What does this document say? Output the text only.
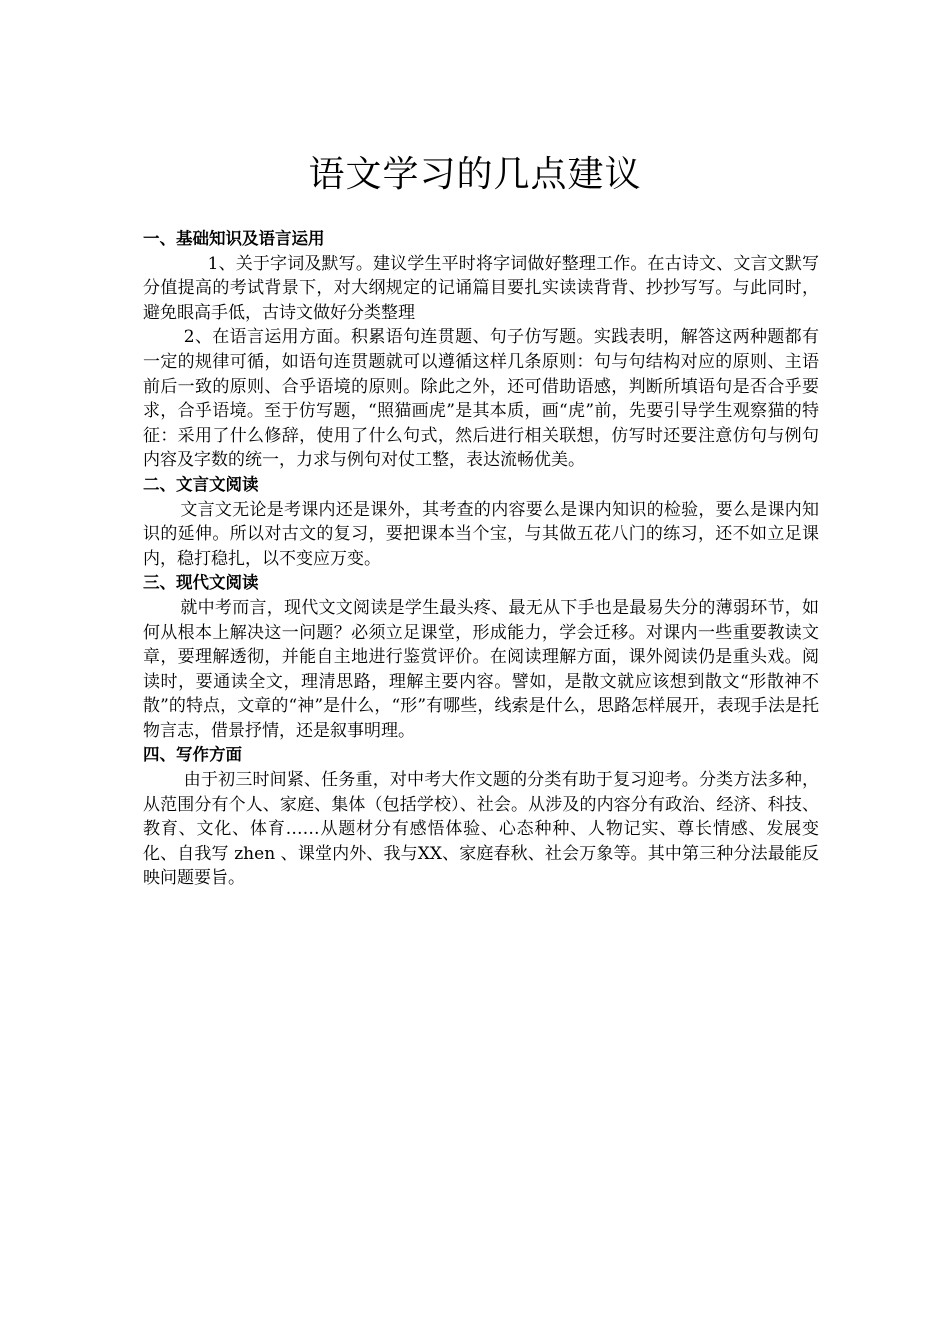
语文学习的几点建议
一、基础知识及语言运用

1、关于字词及默写。建议学生平时将字词做好整理工作。在古诗文、文言文默写分值提高的考试背景下，对大纲规定的记诵篇目要扎实读读背背、抄抄写写。与此同时，避免眼高手低，古诗文做好分类整理

2、在语言运用方面。积累语句连贯题、句子仿写题。实践表明，解答这两种题都有一定的规律可循，如语句连贯题就可以遵循这样几条原则：句与句结构对应的原则、主语前后一致的原则、合乎语境的原则。除此之外，还可借助语感，判断所填语句是否合乎要求，合乎语境。至于仿写题，“照猫画虎”是其本质，画“虎”前，先要引导学生观察猫的特征：采用了什么修辞，使用了什么句式，然后进行相关联想，仿写时还要注意仿句与例句内容及字数的统一，力求与例句对仗工整，表达流畅优美。

二、文言文阅读

文言文无论是考课内还是课外，其考查的内容要么是课内知识的检验，要么是课内知识的延伸。所以对古文的复习，要把课本当个宝，与其做五花八门的练习，还不如立足课内，稳打稳扎，以不变应万变。

三、现代文阅读

就中考而言，现代文文阅读是学生最头疼、最无从下手也是最易失分的薄弱环节，如何从根本上解决这一问题？必须立足课堂，形成能力，学会迁移。对课内一些重要教读文章，要理解透彻，并能自主地进行鉴赏评价。在阅读理解方面，课外阅读仍是重头戏。阅读时，要通读全文，理清思路，理解主要内容。譬如，是散文就应该想到散文“形散神不散”的特点，文章的“神”是什么，“形”有哪些，线索是什么，思路怎样展开，表现手法是托物言志，借景抒情，还是叙事明理。

四、写作方面

由于初三时间紧、任务重，对中考大作文题的分类有助于复习迎考。分类方法多种，从范围分有个人、家庭、集体（包括学校）、社会。从涉及的内容分有政治、经济、科技、教育、文化、体育……从题材分有感悟体验、心态种种、人物记实、尊长情感、发展变化、自我写 zhen 、课堂内外、我与XX、家庭春秋、社会万象等。其中第三种分法最能反映问题要旨。
